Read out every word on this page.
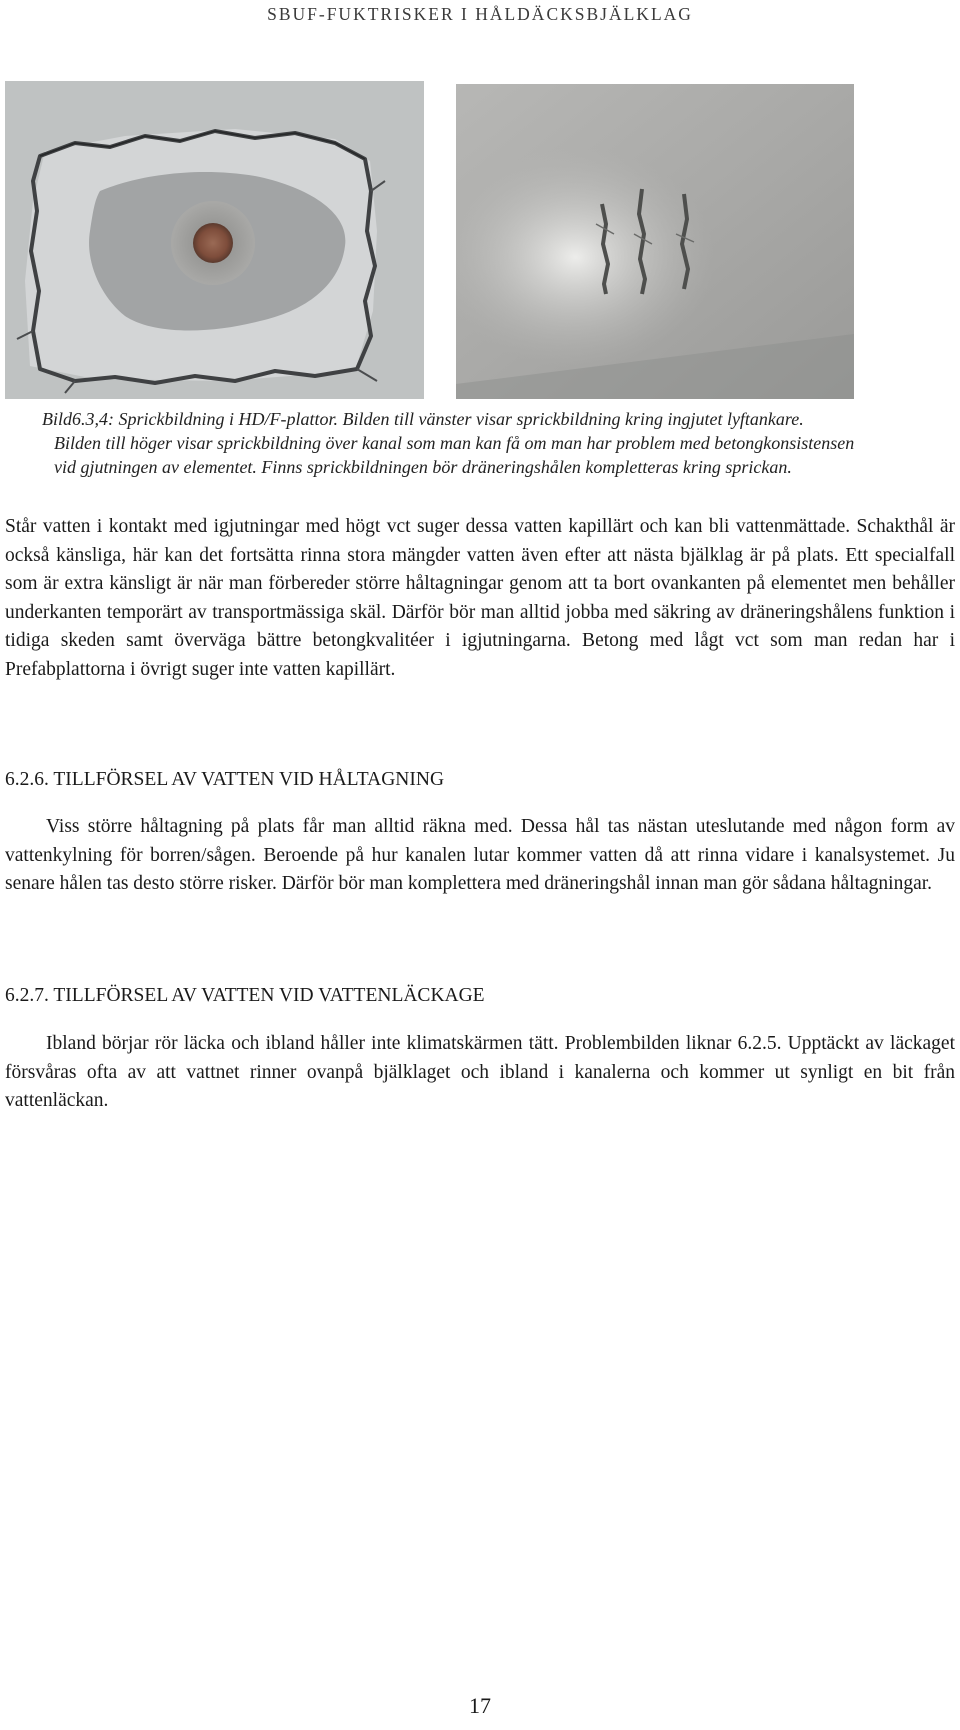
SBUF-FUKTRISKER I HÅLDÄCKSBJÄLKLAG
Bild6.3,4: Sprickbildning i HD/F-plattor. Bilden till vänster visar sprickbildning kring ingjutet lyftankare.
Bilden till höger visar sprickbildning över kanal som man kan få om man har problem med betongkonsistensen
vid gjutningen av elementet. Finns sprickbildningen bör dräneringshålen kompletteras kring sprickan.

Står vatten i kontakt med igjutningar med högt vct suger dessa vatten kapillärt och kan bli vattenmättade. Schakthål är också känsliga, här kan det fortsätta rinna stora mängder vatten även efter att nästa bjälklag är på plats. Ett specialfall som är extra känsligt är när man förbereder större håltagningar genom att ta bort ovankanten på elementet men behåller underkanten temporärt av transportmässiga skäl. Därför bör man alltid jobba med säkring av dräneringshålens funktion i tidiga skeden samt överväga bättre betongkvalitéer i igjutningarna. Betong med lågt vct som man redan har i Prefabplattorna i övrigt suger inte vatten kapillärt.

6.2.6. TILLFÖRSEL AV VATTEN VID HÅLTAGNING

Viss större håltagning på plats får man alltid räkna med. Dessa hål tas nästan uteslutande med någon form av vattenkylning för borren/sågen. Beroende på hur kanalen lutar kommer vatten då att rinna vidare i kanalsystemet. Ju senare hålen tas desto större risker. Därför bör man komplettera med dräneringshål innan man gör sådana håltagningar.

6.2.7. TILLFÖRSEL AV VATTEN VID VATTENLÄCKAGE

Ibland börjar rör läcka och ibland håller inte klimatskärmen tätt. Problembilden liknar 6.2.5. Upptäckt av läckaget försvåras ofta av att vattnet rinner ovanpå bjälklaget och ibland i kanalerna och kommer ut synligt en bit från vattenläckan.

17
